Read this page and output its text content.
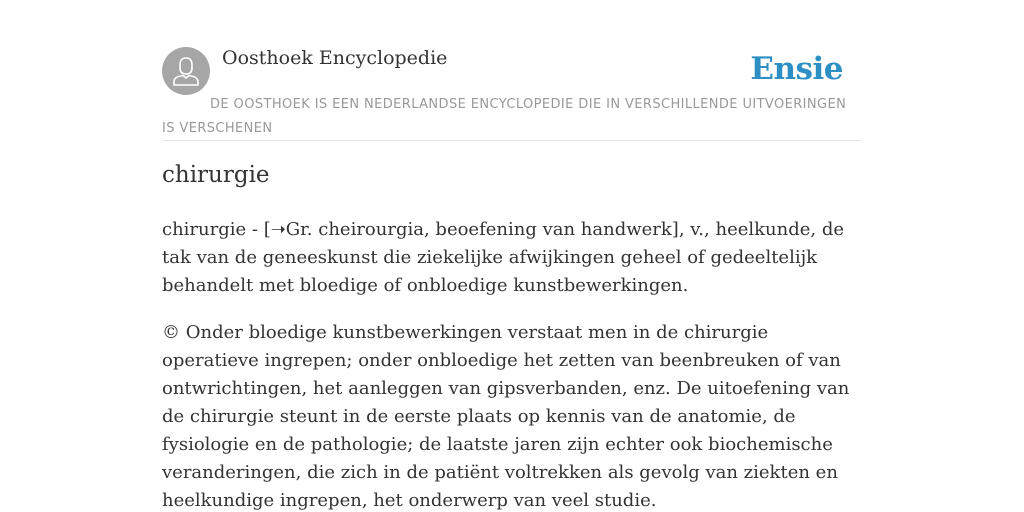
Oosthoek Encyclopedie	Ensie
DE OOSTHOEK IS EEN NEDERLANDSE ENCYCLOPEDIE DIE IN VERSCHILLENDE UITVOERINGEN IS VERSCHENEN
chirurgie

chirurgie - [➝Gr. cheirourgia, beoefening van handwerk], v., heelkunde, de tak van de geneeskunst die ziekelijke afwijkingen geheel of gedeeltelijk behandelt met bloedige of onbloedige kunstbewerkingen.

© Onder bloedige kunstbewerkingen verstaat men in de chirurgie operatieve ingrepen; onder onbloedige het zetten van beenbreuken of van ontwrichtingen, het aanleggen van gipsverbanden, enz. De uitoefening van de chirurgie steunt in de eerste plaats op kennis van de anatomie, de fysiologie en de pathologie; de laatste jaren zijn echter ook biochemische veranderingen, die zich in de patiënt voltrekken als gevolg van ziekten en heelkundige ingrepen, het onderwerp van veel studie.
